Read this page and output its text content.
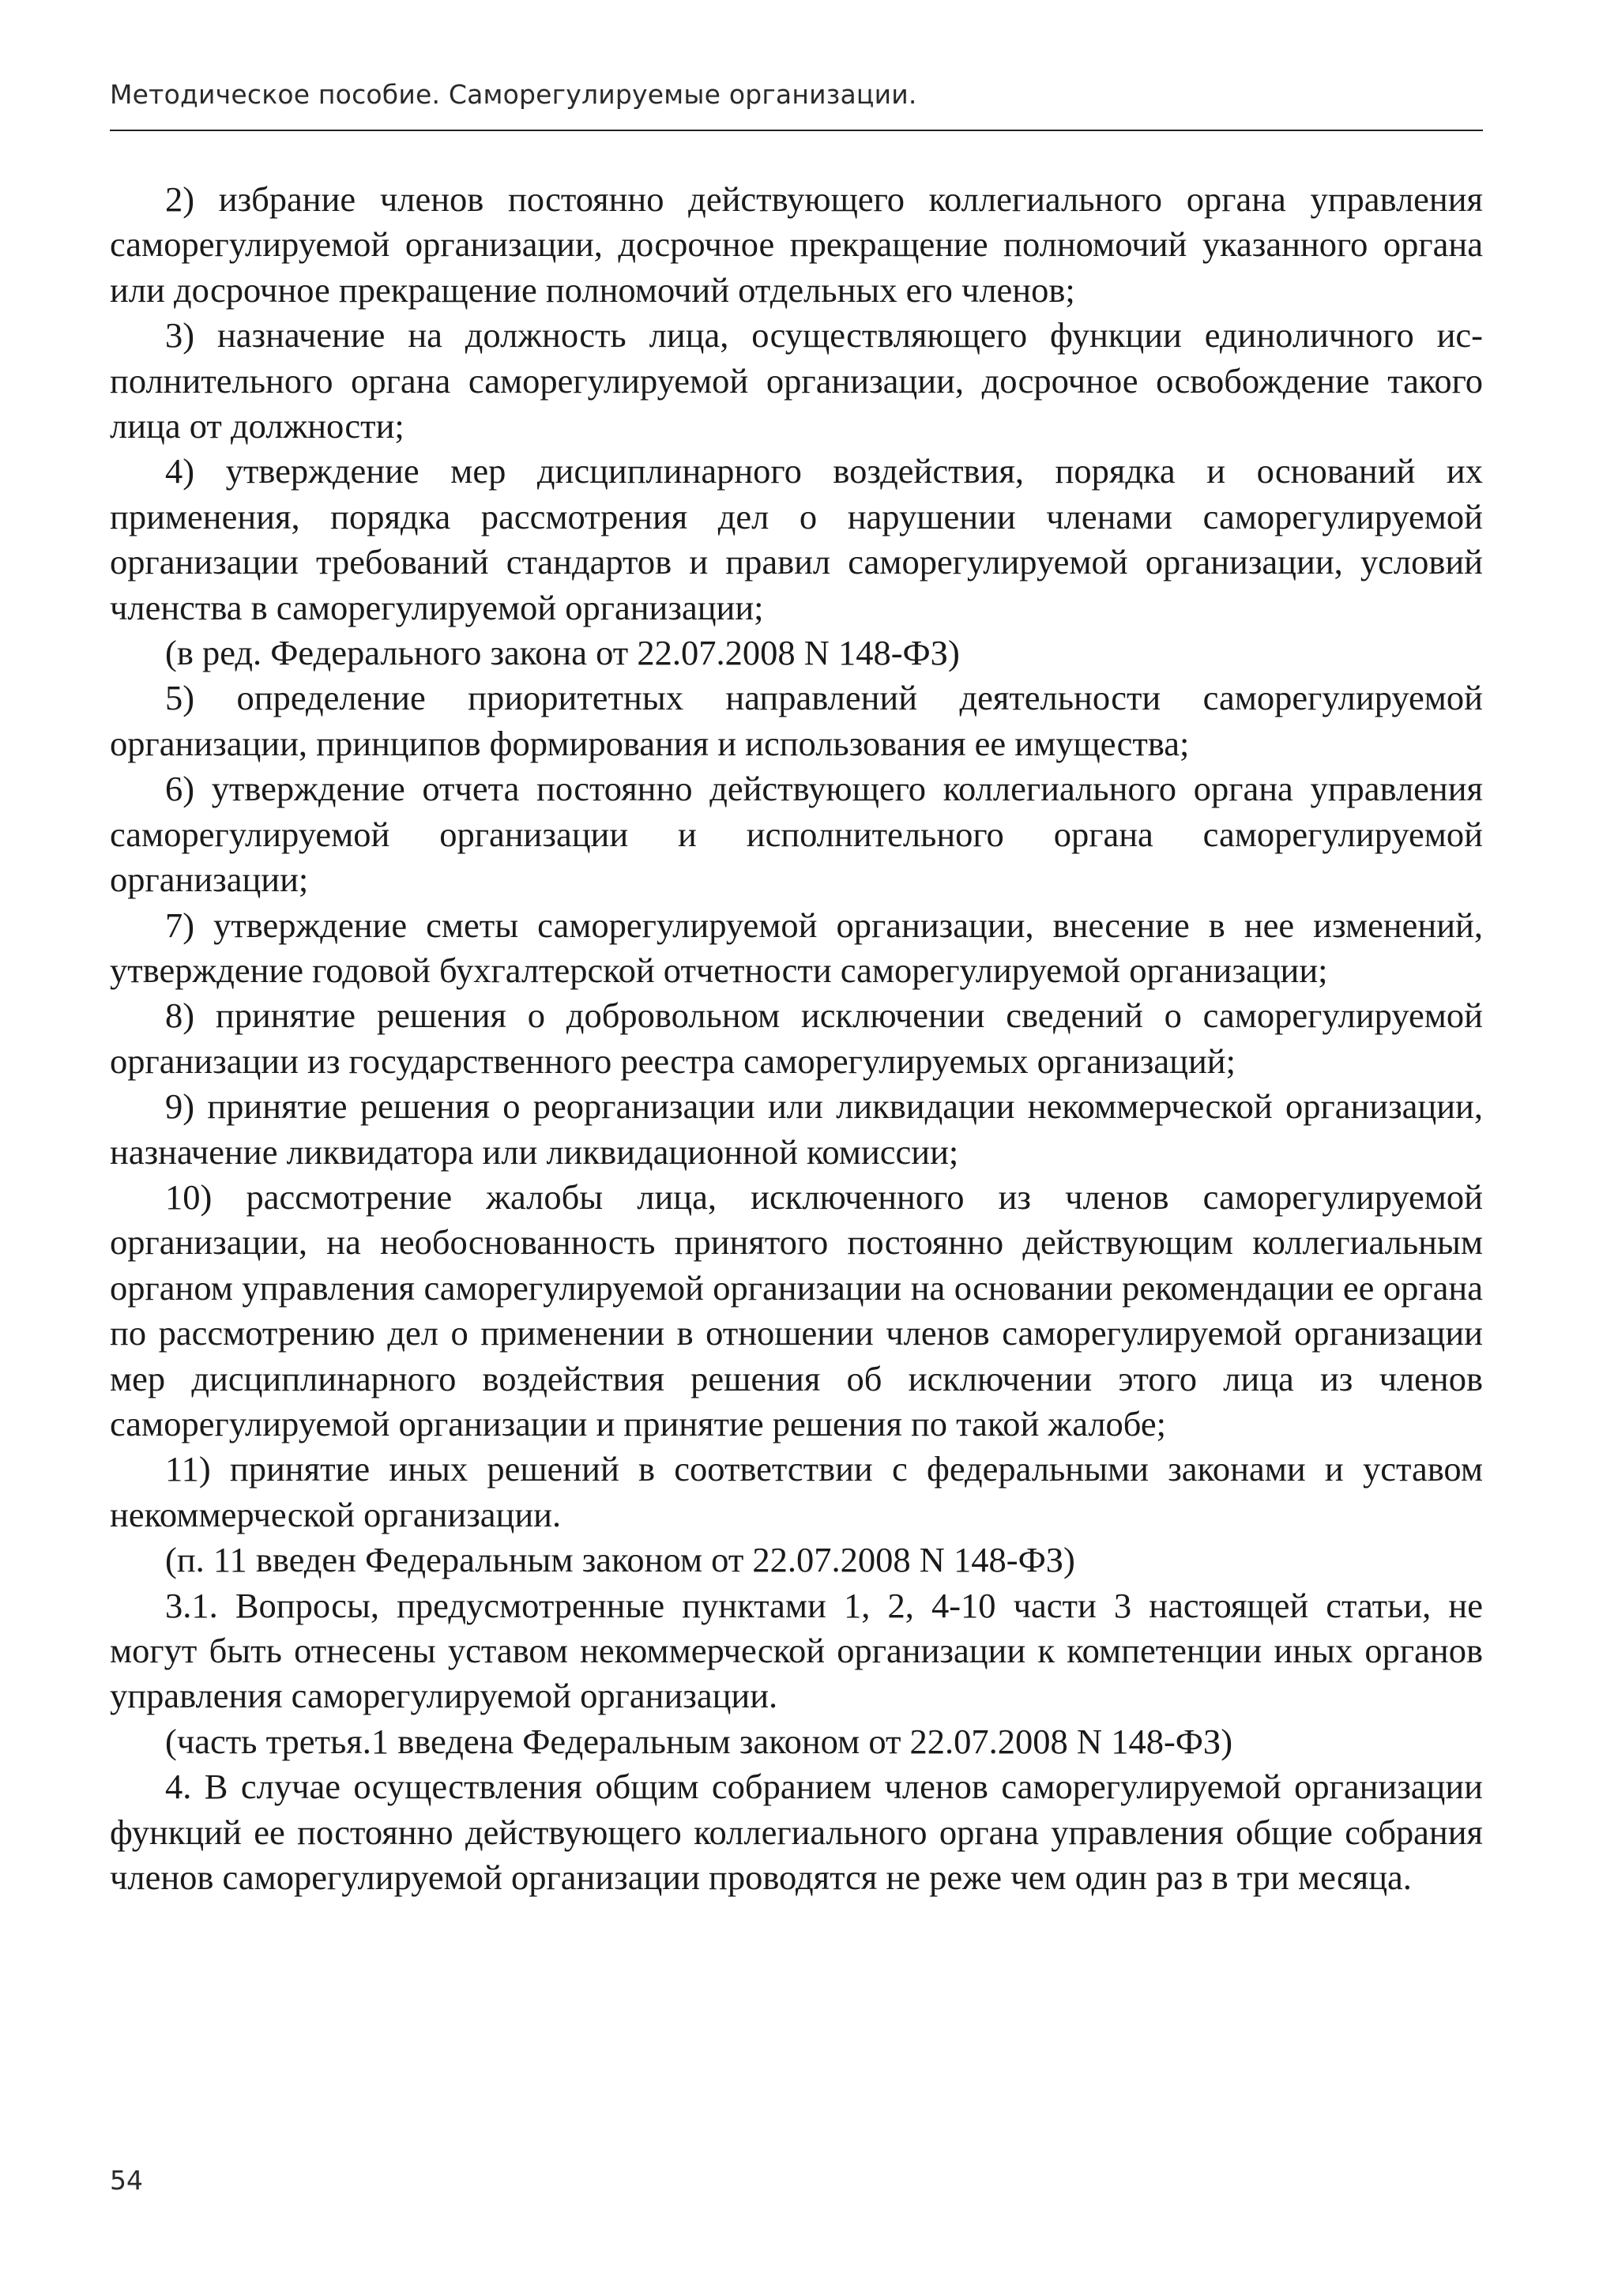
Методическое пособие. Саморегулируемые организации.

2) избрание членов постоянно действующего коллегиального органа управления саморегулируемой организации, досрочное прекращение полномочий указанного органа или досрочное прекращение полномочий отдельных его членов;

3) назначение на должность лица, осуществляющего функции единоличного исполнительного органа саморегулируемой организации, досрочное освобождение такого лица от должности;

4) утверждение мер дисциплинарного воздействия, порядка и оснований их применения, порядка рассмотрения дел о нарушении членами саморегулируемой организации требований стандартов и правил саморегулируемой организации, условий членства в саморегулируемой организации;

(в ред. Федерального закона от 22.07.2008 N 148-ФЗ)

5) определение приоритетных направлений деятельности саморегулируемой организации, принципов формирования и использования ее имущества;

6) утверждение отчета постоянно действующего коллегиального органа управления саморегулируемой организации и исполнительного органа саморегулируемой организации;

7) утверждение сметы саморегулируемой организации, внесение в нее изменений, утверждение годовой бухгалтерской отчетности саморегулируемой организации;

8) принятие решения о добровольном исключении сведений о саморегулируемой организации из государственного реестра саморегулируемых организаций;

9) принятие решения о реорганизации или ликвидации некоммерческой организации, назначение ликвидатора или ликвидационной комиссии;

10) рассмотрение жалобы лица, исключенного из членов саморегулируемой организации, на необоснованность принятого постоянно действующим коллегиальным органом управления саморегулируемой организации на основании рекомендации ее органа по рассмотрению дел о применении в отношении членов саморегулируемой организации мер дисциплинарного воздействия решения об исключении этого лица из членов саморегулируемой организации и принятие решения по такой жалобе;

11) принятие иных решений в соответствии с федеральными законами и уставом некоммерческой организации.

(п. 11 введен Федеральным законом от 22.07.2008 N 148-ФЗ)

3.1. Вопросы, предусмотренные пунктами 1, 2, 4-10 части 3 настоящей статьи, не могут быть отнесены уставом некоммерческой организации к компетенции иных органов управления саморегулируемой организации.

(часть третья.1 введена Федеральным законом от 22.07.2008 N 148-ФЗ)

4. В случае осуществления общим собранием членов саморегулируемой организации функций ее постоянно действующего коллегиального органа управления общие собрания членов саморегулируемой организации проводятся не реже чем один раз в три месяца.

54
